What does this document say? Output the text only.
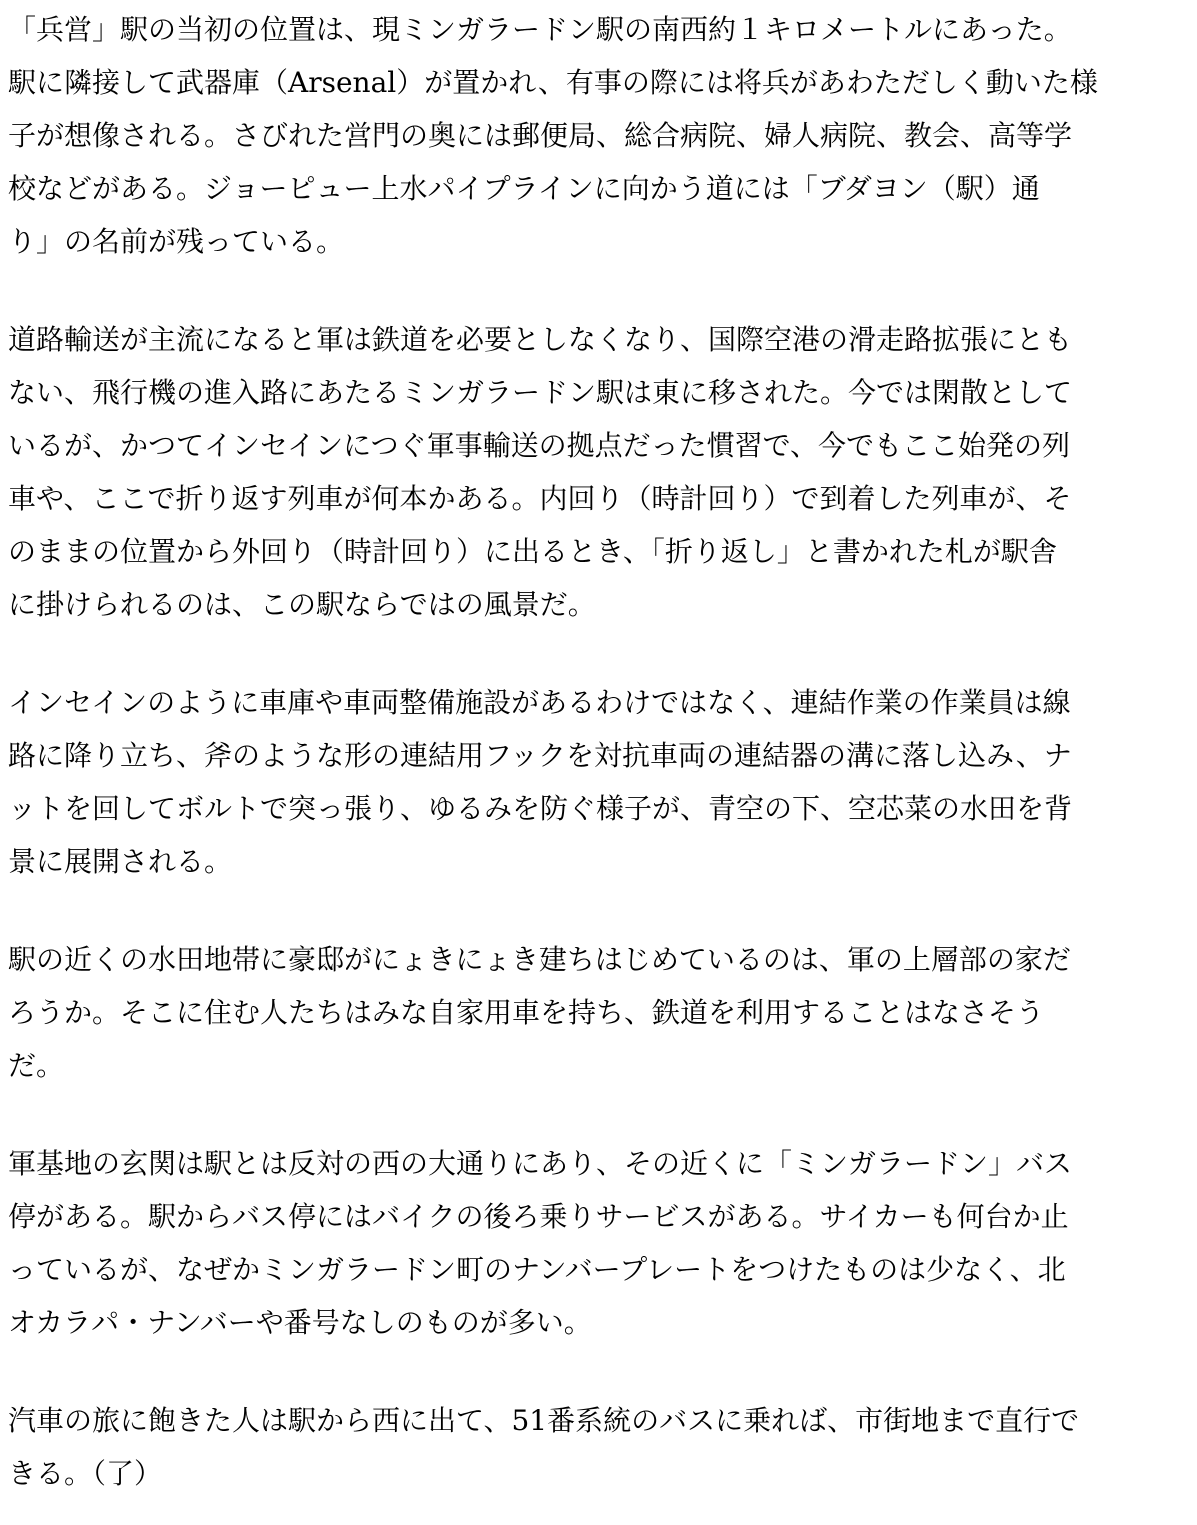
「兵営」駅の当初の位置は、現ミンガラードン駅の南西約１キロメートルにあった。
駅に隣接して武器庫（Arsenal）が置かれ、有事の際には将兵があわただしく動いた様
子が想像される。さびれた営門の奥には郵便局、総合病院、婦人病院、教会、高等学
校などがある。ジョーピュー上水パイプラインに向かう道には「ブダヨン（駅）通
り」の名前が残っている。
道路輸送が主流になると軍は鉄道を必要としなくなり、国際空港の滑走路拡張にとも
ない、飛行機の進入路にあたるミンガラードン駅は東に移された。今では閑散として
いるが、かつてインセインにつぐ軍事輸送の拠点だった慣習で、今でもここ始発の列
車や、ここで折り返す列車が何本かある。内回り（時計回り）で到着した列車が、そ
のままの位置から外回り（時計回り）に出るとき、「折り返し」と書かれた札が駅舎
に掛けられるのは、この駅ならではの風景だ。
インセインのように車庫や車両整備施設があるわけではなく、連結作業の作業員は線
路に降り立ち、斧のような形の連結用フックを対抗車両の連結器の溝に落し込み、ナ
ットを回してボルトで突っ張り、ゆるみを防ぐ様子が、青空の下、空芯菜の水田を背
景に展開される。
駅の近くの水田地帯に豪邸がにょきにょき建ちはじめているのは、軍の上層部の家だ
ろうか。そこに住む人たちはみな自家用車を持ち、鉄道を利用することはなさそう
だ。
軍基地の玄関は駅とは反対の西の大通りにあり、その近くに「ミンガラードン」バス
停がある。駅からバス停にはバイクの後ろ乗りサービスがある。サイカーも何台か止
っているが、なぜかミンガラードン町のナンバープレートをつけたものは少なく、北
オカラパ・ナンバーや番号なしのものが多い。
汽車の旅に飽きた人は駅から西に出て、51番系統のバスに乗れば、市街地まで直行で
きる。（了）
